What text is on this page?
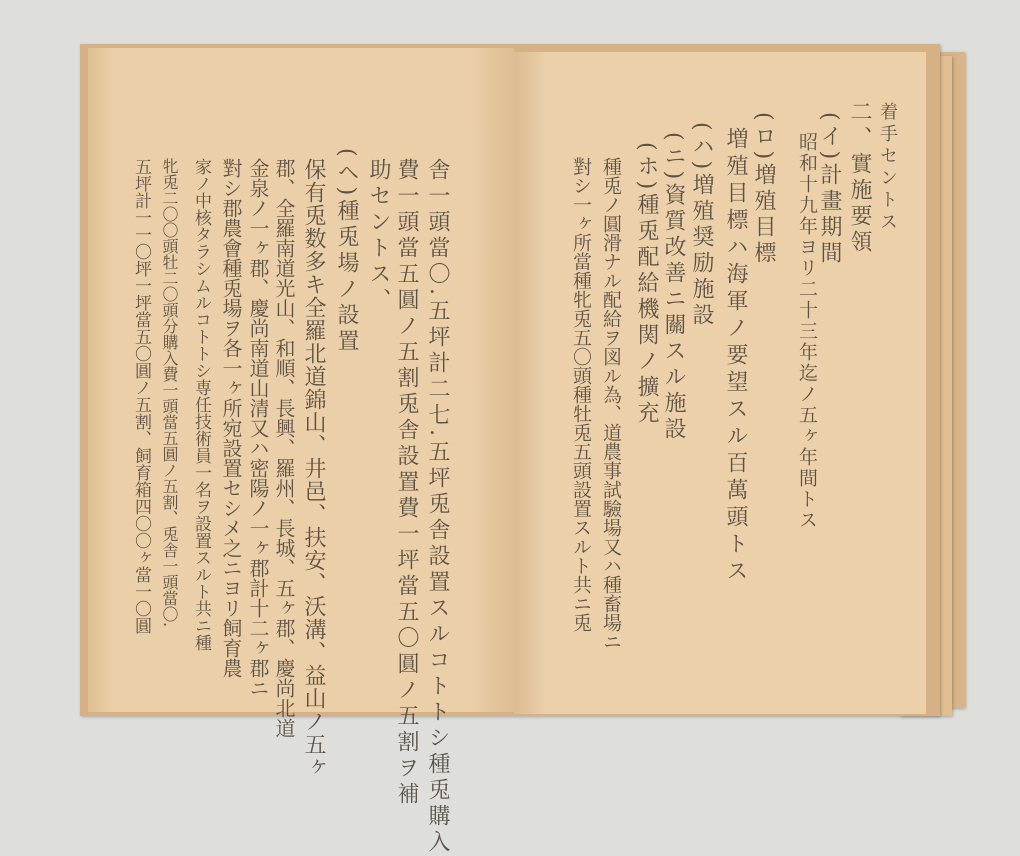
舎一頭當〇.五坪計二七.五坪兎舎設置スルコトトシ種兎購入
費一頭當五圓ノ五割兎舎設置費一坪當五〇圓ノ五割ヲ補
助セントス、
(ヘ)種兎場ノ設置
保有兎数多キ全羅北道錦山、井邑、扶安、沃溝、益山ノ五ヶ
郡、全羅南道光山、和順、長興、羅州、長城、五ヶ郡、慶尚北道
金泉ノ一ヶ郡、慶尚南道山清又ハ密陽ノ一ヶ郡計十二ヶ郡ニ
對シ郡農會種兎場ヲ各一ヶ所宛設置セシメ之ニヨリ飼育農
家ノ中核タラシムルコトトシ専任技術員一名ヲ設置スルト共ニ種
牝兎二〇〇頭牡二〇頭分購入費一頭當五圓ノ五割、兎舎一頭當〇.
五坪計一一〇坪一坪當五〇圓ノ五割、飼育箱四〇〇ヶ當一〇圓	着手セントス
二、實施要領
(イ)計畫期間
昭和十九年ヨリ二十三年迄ノ五ヶ年間トス
(ロ)増殖目標
増殖目標ハ海軍ノ要望スル百萬頭トス
(ハ)増殖奨励施設
(ニ)資質改善ニ關スル施設
(ホ)種兎配給機関ノ擴充
種兎ノ圓滑ナル配給ヲ図ル為、道農事試驗場又ハ種畜場ニ
對シ一ヶ所當種牝兎五〇頭種牡兎五頭設置スルト共ニ兎
